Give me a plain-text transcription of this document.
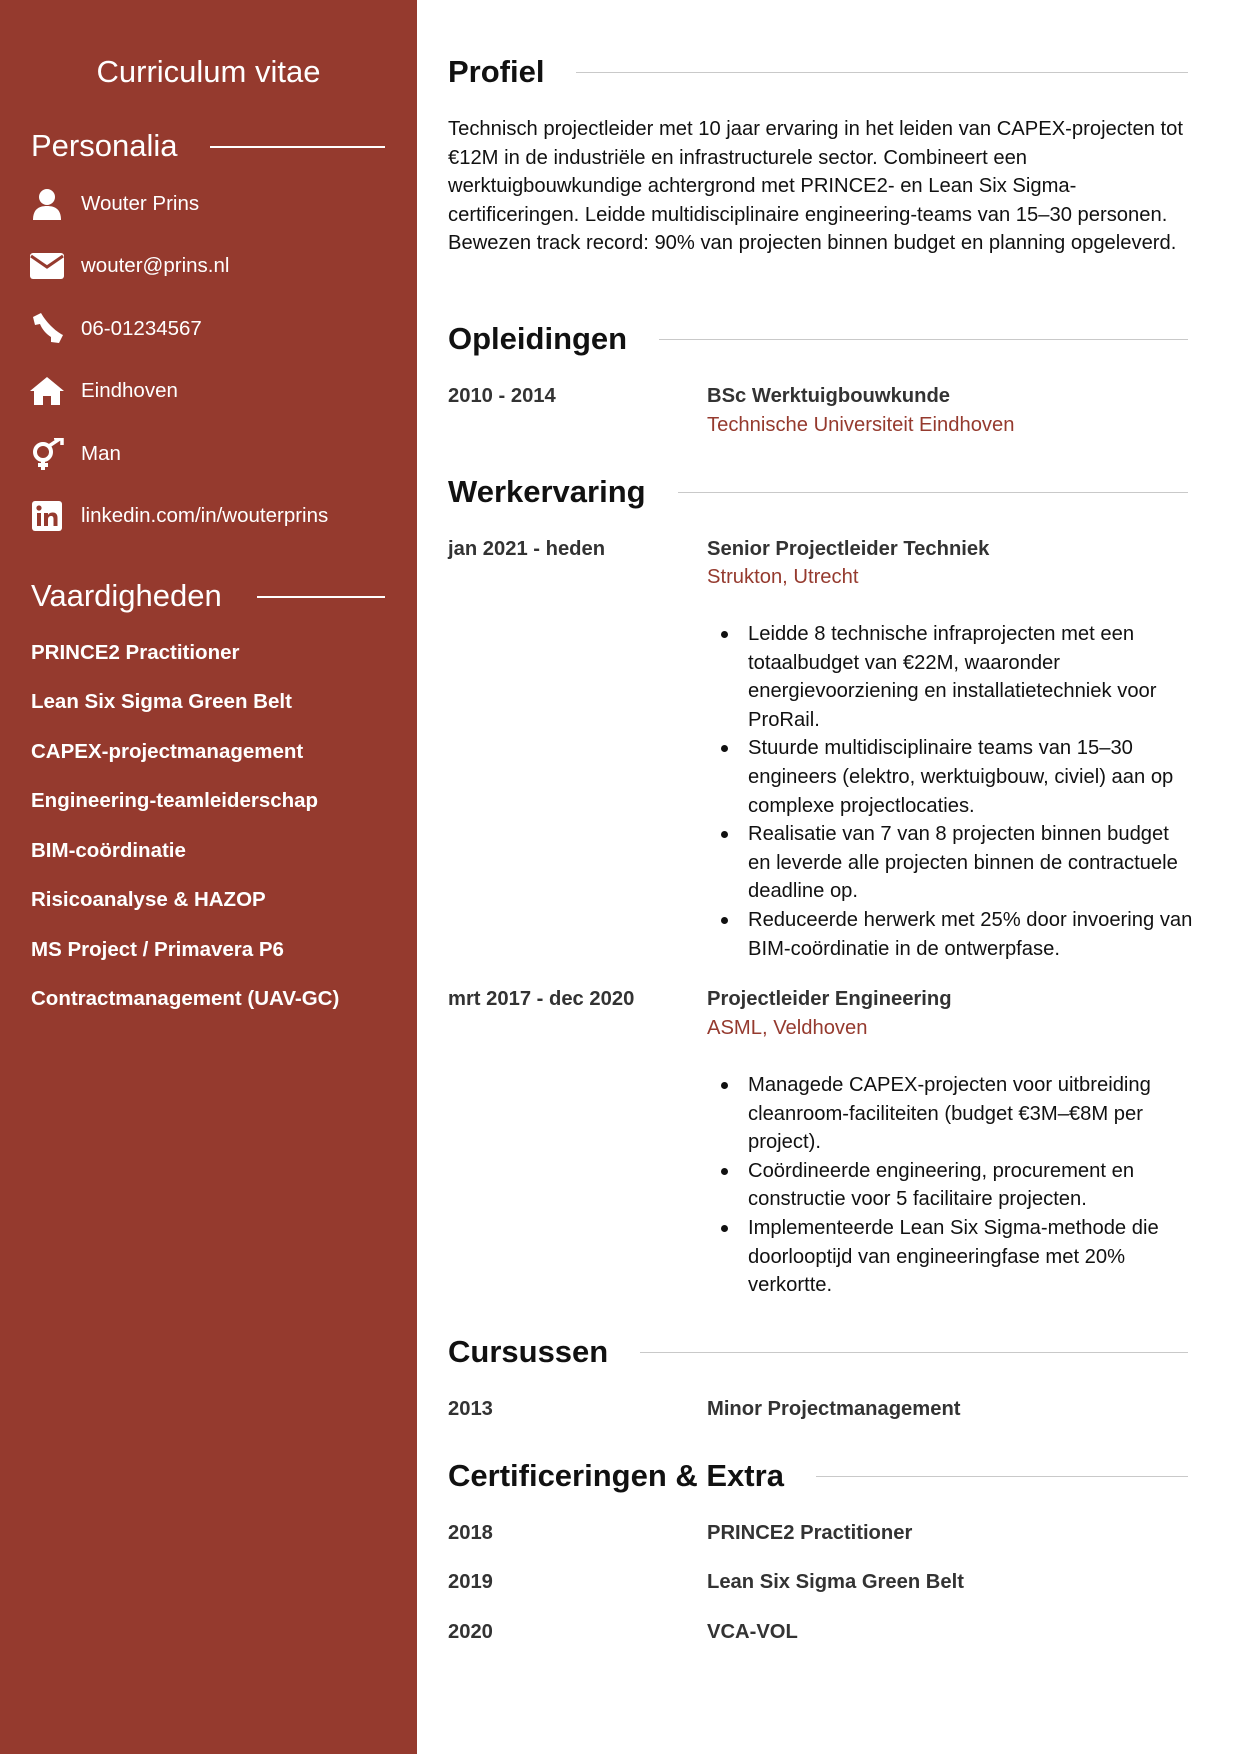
Curriculum vitae
Personalia
Wouter Prins
wouter@prins.nl
06-01234567
Eindhoven
Man
linkedin.com/in/wouterprins
Vaardigheden
PRINCE2 Practitioner
Lean Six Sigma Green Belt
CAPEX-projectmanagement
Engineering-teamleiderschap
BIM-coördinatie
Risicoanalyse & HAZOP
MS Project / Primavera P6
Contractmanagement (UAV-GC)
Profiel
Technisch projectleider met 10 jaar ervaring in het leiden van CAPEX-projecten tot €12M in de industriële en infrastructurele sector. Combineert een werktuigbouwkundige achtergrond met PRINCE2- en Lean Six Sigma-certificeringen. Leidde multidisciplinaire engineering-teams van 15–30 personen. Bewezen track record: 90% van projecten binnen budget en planning opgeleverd.
Opleidingen
2010 - 2014	BSc Werktuigbouwkunde
Technische Universiteit Eindhoven
Werkervaring
jan 2021 - heden	Senior Projectleider Techniek
Strukton, Utrecht
Leidde 8 technische infraprojecten met een totaalbudget van €22M, waaronder energievoorziening en installatietechniek voor ProRail.
Stuurde multidisciplinaire teams van 15–30 engineers (elektro, werktuigbouw, civiel) aan op complexe projectlocaties.
Realisatie van 7 van 8 projecten binnen budget en leverde alle projecten binnen de contractuele deadline op.
Reduceerde herwerk met 25% door invoering van BIM-coördinatie in de ontwerpfase.
mrt 2017 - dec 2020	Projectleider Engineering
ASML, Veldhoven
Managede CAPEX-projecten voor uitbreiding cleanroom-faciliteiten (budget €3M–€8M per project).
Coördineerde engineering, procurement en constructie voor 5 facilitaire projecten.
Implementeerde Lean Six Sigma-methode die doorlooptijd van engineeringfase met 20% verkortte.
Cursussen
2013	Minor Projectmanagement
Certificeringen & Extra
2018	PRINCE2 Practitioner
2019	Lean Six Sigma Green Belt
2020	VCA-VOL
